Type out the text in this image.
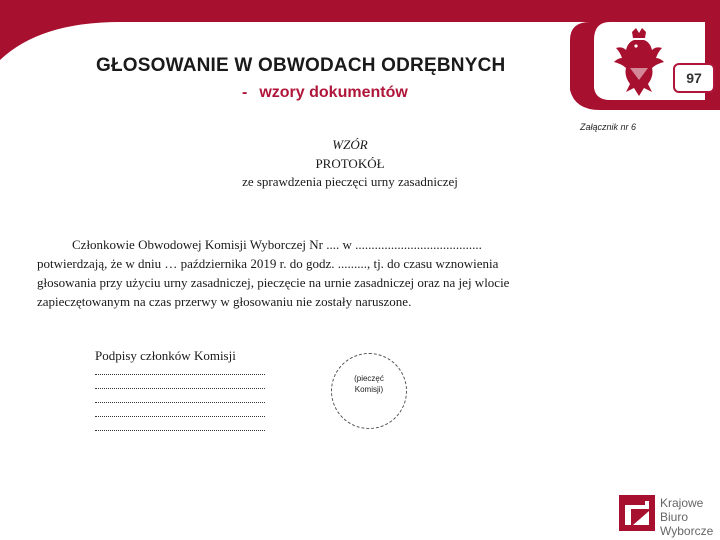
GŁOSOWANIE W OBWODACH ODRĘBNYCH
- wzory dokumentów
97
Załącznik nr 6
WZÓR
PROTOKÓŁ
ze sprawdzenia pieczęci urny zasadniczej
Członkowie Obwodowej Komisji Wyborczej Nr .... w .......................................
potwierdzają, że w dniu … października 2019 r. do godz. ........., tj. do czasu wznowienia
głosowania przy użyciu urny zasadniczej, pieczęcie na urnie zasadniczej oraz na jej wlocie
zapieczętowanym na czas przerwy w głosowaniu nie zostały naruszone.
Podpisy członków Komisji
(pieczęć
Komisji)
Krajowe
Biuro
Wyborcze
